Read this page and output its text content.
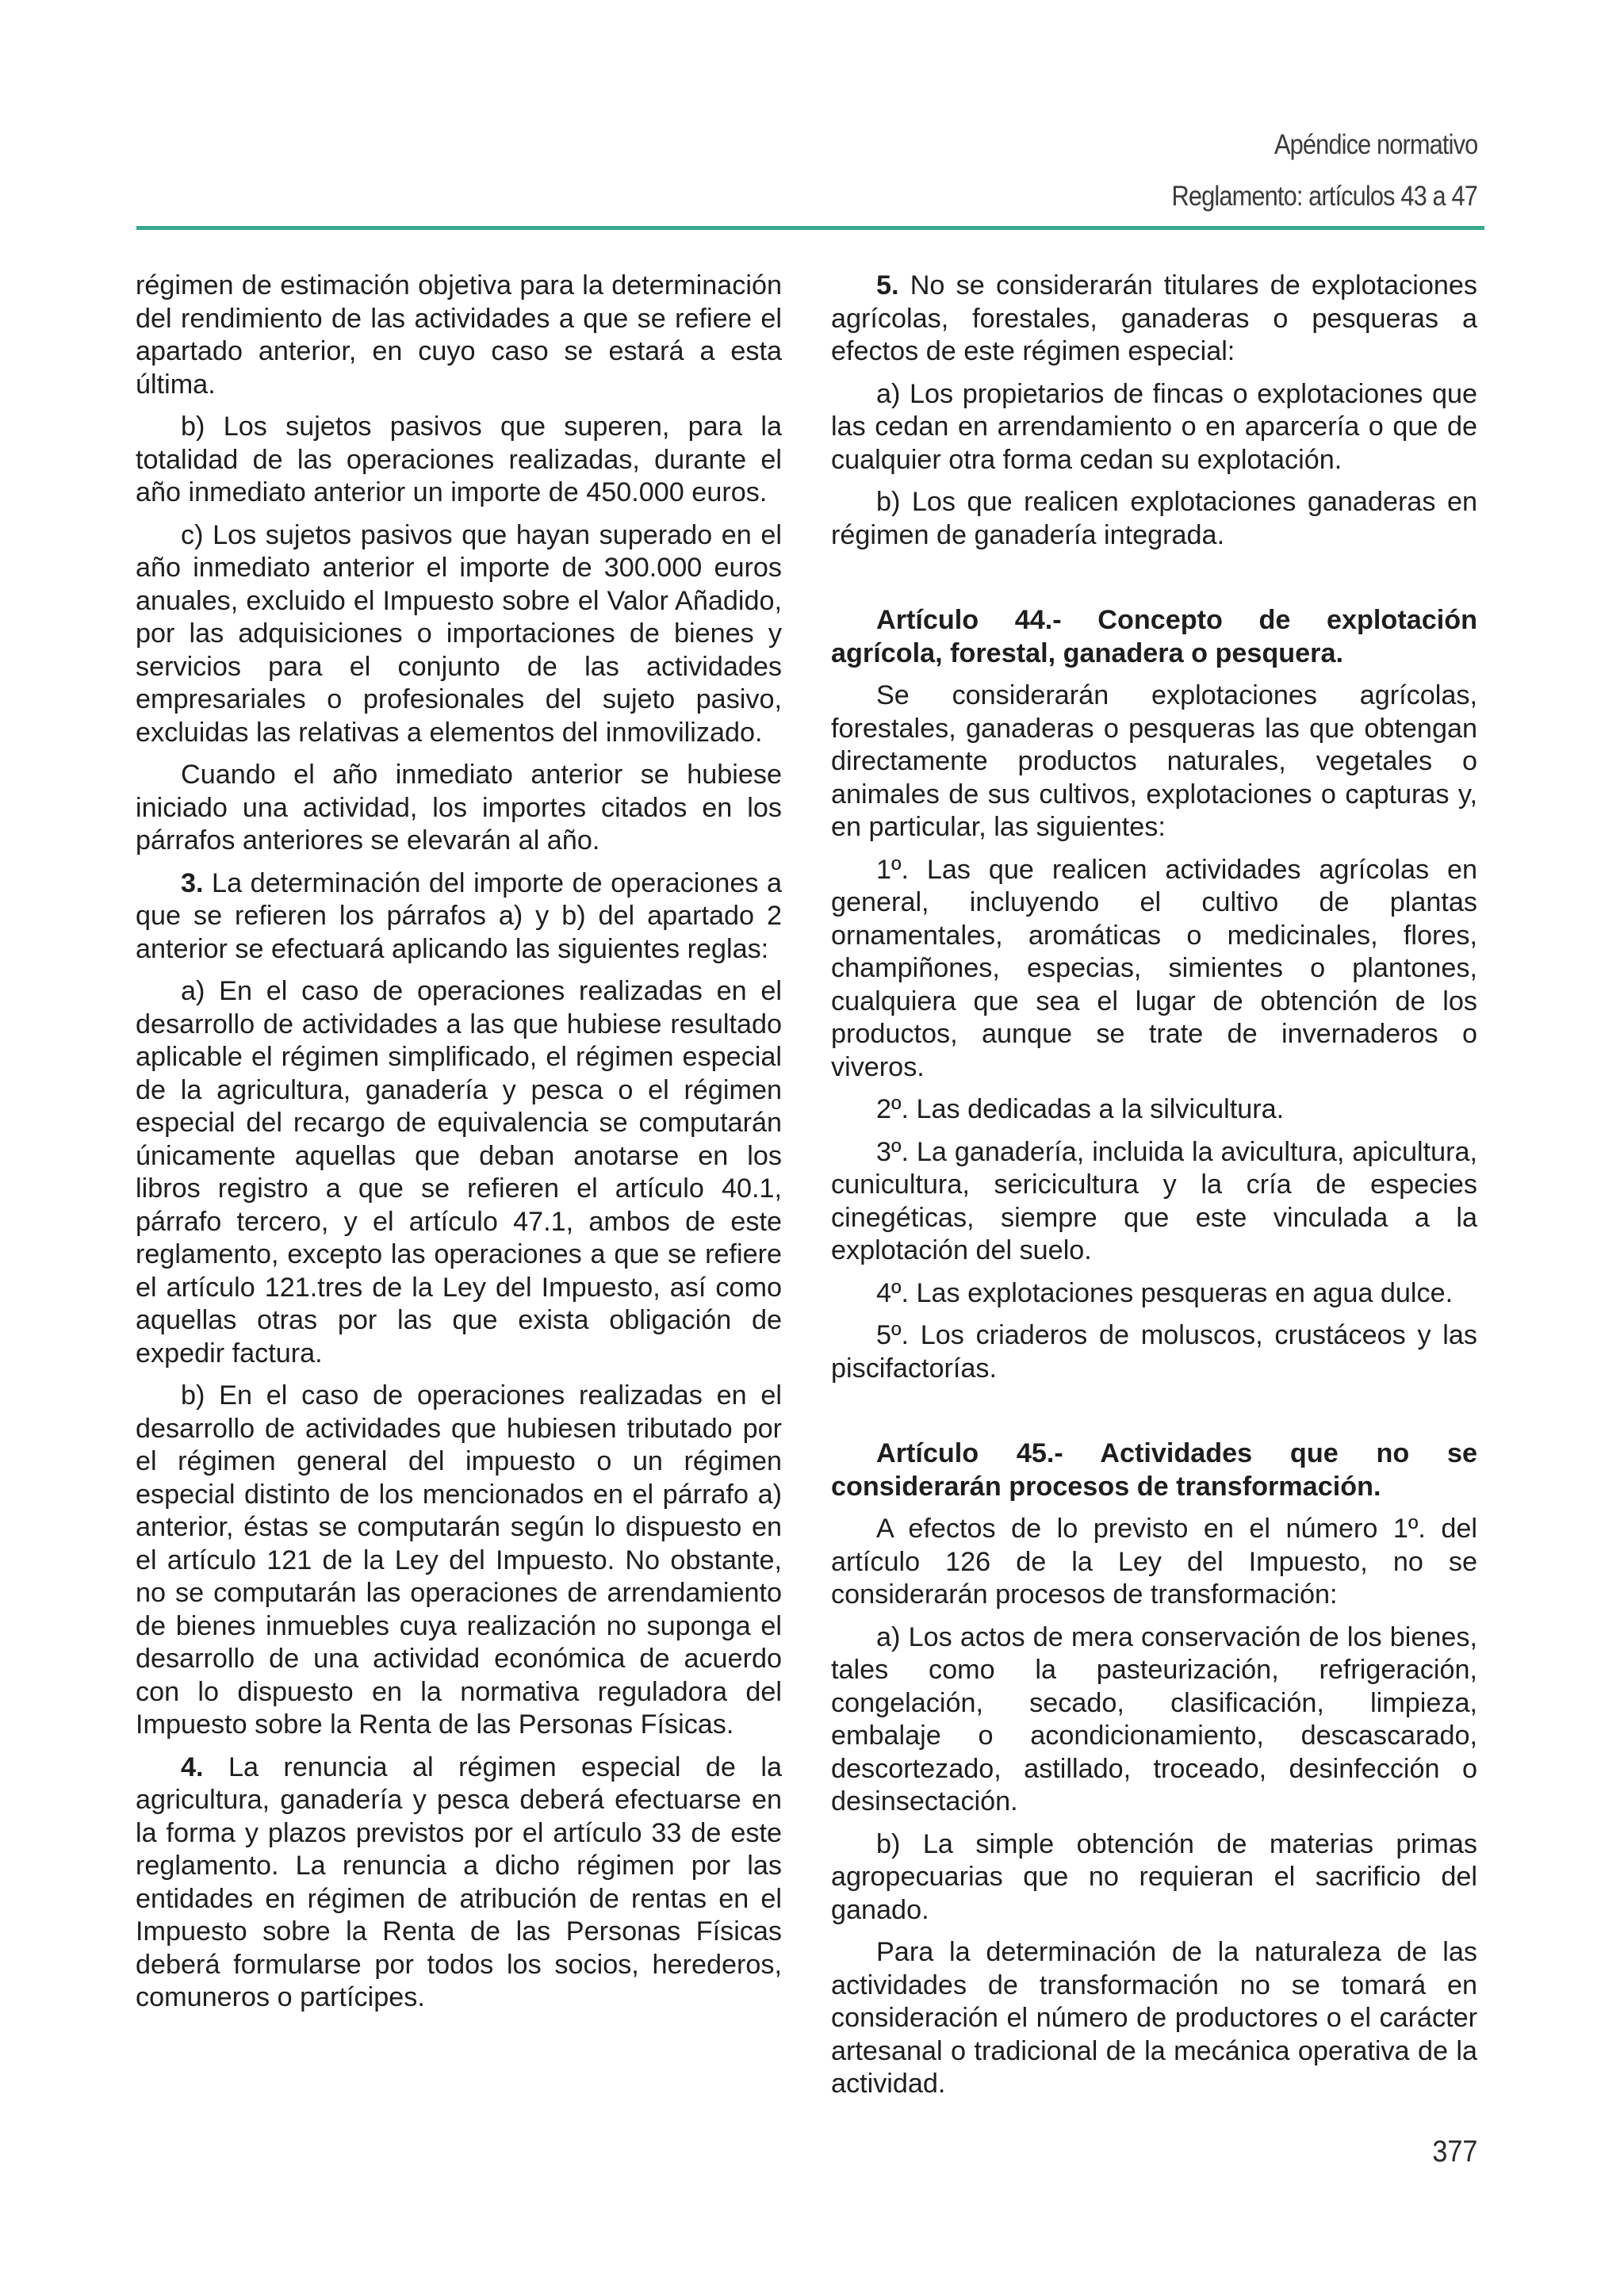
Apéndice normativo
Reglamento: artículos 43 a 47

régimen de estimación objetiva para la determinación del rendimiento de las actividades a que se refiere el apartado anterior, en cuyo caso se estará a esta última.

b) Los sujetos pasivos que superen, para la totalidad de las operaciones realizadas, durante el año inmediato anterior un importe de 450.000 euros.

c) Los sujetos pasivos que hayan superado en el año inmediato anterior el importe de 300.000 euros anuales, excluido el Impuesto sobre el Valor Añadido, por las adquisiciones o importaciones de bienes y servicios para el conjunto de las actividades empresariales o profesionales del sujeto pasivo, excluidas las relativas a elementos del inmovilizado.

Cuando el año inmediato anterior se hubiese iniciado una actividad, los importes citados en los párrafos anteriores se elevarán al año.

3. La determinación del importe de operaciones a que se refieren los párrafos a) y b) del apartado 2 anterior se efectuará aplicando las siguientes reglas:

a) En el caso de operaciones realizadas en el desarrollo de actividades a las que hubiese resultado aplicable el régimen simplificado, el régimen especial de la agricultura, ganadería y pesca o el régimen especial del recargo de equivalencia se computarán únicamente aquellas que deban anotarse en los libros registro a que se refieren el artículo 40.1, párrafo tercero, y el artículo 47.1, ambos de este reglamento, excepto las operaciones a que se refiere el artículo 121.tres de la Ley del Impuesto, así como aquellas otras por las que exista obligación de expedir factura.

b) En el caso de operaciones realizadas en el desarrollo de actividades que hubiesen tributado por el régimen general del impuesto o un régimen especial distinto de los mencionados en el párrafo a) anterior, éstas se computarán según lo dispuesto en el artículo 121 de la Ley del Impuesto. No obstante, no se computarán las operaciones de arrendamiento de bienes inmuebles cuya realización no suponga el desarrollo de una actividad económica de acuerdo con lo dispuesto en la normativa reguladora del Impuesto sobre la Renta de las Personas Físicas.

4. La renuncia al régimen especial de la agricultura, ganadería y pesca deberá efectuarse en la forma y plazos previstos por el artículo 33 de este reglamento. La renuncia a dicho régimen por las entidades en régimen de atribución de rentas en el Impuesto sobre la Renta de las Personas Físicas deberá formularse por todos los socios, herederos, comuneros o partícipes.

5. No se considerarán titulares de explotaciones agrícolas, forestales, ganaderas o pesqueras a efectos de este régimen especial:

a) Los propietarios de fincas o explotaciones que las cedan en arrendamiento o en aparcería o que de cualquier otra forma cedan su explotación.

b) Los que realicen explotaciones ganaderas en régimen de ganadería integrada.

Artículo 44.- Concepto de explotación agrícola, forestal, ganadera o pesquera.

Se considerarán explotaciones agrícolas, forestales, ganaderas o pesqueras las que obtengan directamente productos naturales, vegetales o animales de sus cultivos, explotaciones o capturas y, en particular, las siguientes:

1º. Las que realicen actividades agrícolas en general, incluyendo el cultivo de plantas ornamentales, aromáticas o medicinales, flores, champiñones, especias, simientes o plantones, cualquiera que sea el lugar de obtención de los productos, aunque se trate de invernaderos o viveros.

2º. Las dedicadas a la silvicultura.

3º. La ganadería, incluida la avicultura, apicultura, cunicultura, sericicultura y la cría de especies cinegéticas, siempre que este vinculada a la explotación del suelo.

4º. Las explotaciones pesqueras en agua dulce.

5º. Los criaderos de moluscos, crustáceos y las piscifactorías.

Artículo 45.- Actividades que no se considerarán procesos de transformación.

A efectos de lo previsto en el número 1º. del artículo 126 de la Ley del Impuesto, no se considerarán procesos de transformación:

a) Los actos de mera conservación de los bienes, tales como la pasteurización, refrigeración, congelación, secado, clasificación, limpieza, embalaje o acondicionamiento, descascarado, descortezado, astillado, troceado, desinfección o desinsectación.

b) La simple obtención de materias primas agropecuarias que no requieran el sacrificio del ganado.

Para la determinación de la naturaleza de las actividades de transformación no se tomará en consideración el número de productores o el carácter artesanal o tradicional de la mecánica operativa de la actividad.

377
